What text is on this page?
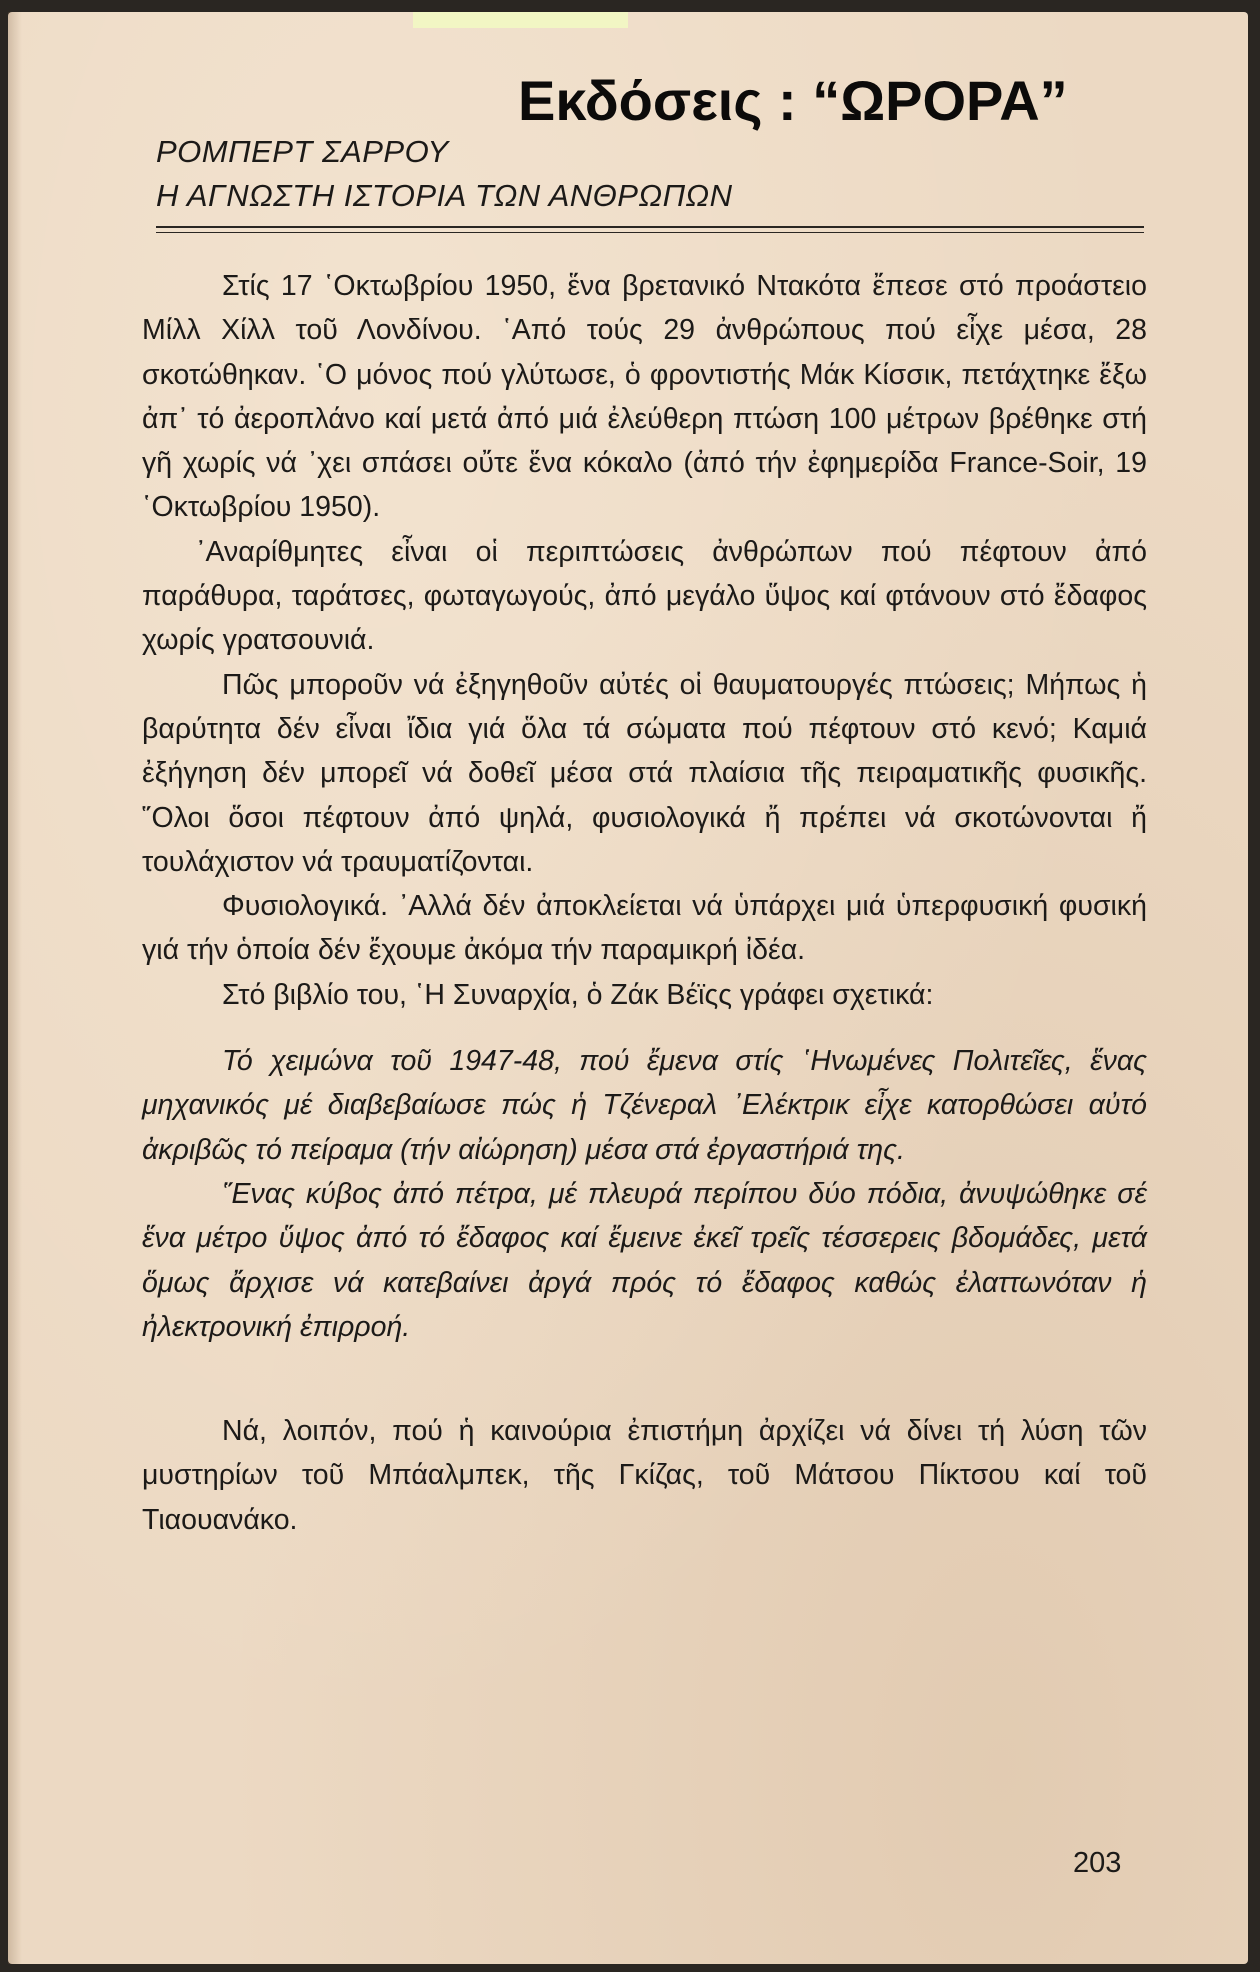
Εκδόσεις : “ΩΡΟΡΑ”
ΡΟΜΠΕΡΤ ΣΑΡΡΟΥ
Η ΑΓΝΩΣΤΗ ΙΣΤΟΡΙΑ ΤΩΝ ΑΝΘΡΩΠΩΝ

Στίς 17 ῾Οκτωβρίου 1950, ἕνα βρετανικό Ντακότα ἔπεσε στό προάστειο Μίλλ Χίλλ τοῦ Λονδίνου. ῾Από τούς 29 ἀνθρώπους πού εἶχε μέσα, 28 σκοτώθηκαν. ῾Ο μόνος πού γλύτωσε, ὁ φροντιστής Μάκ Κίσσικ, πετάχτηκε ἔξω ἀπ᾿ τό ἀεροπλάνο καί μετά ἀπό μιά ἐλεύθερη πτώση 100 μέτρων βρέθηκε στή γῆ χωρίς νά ᾿χει σπάσει οὔτε ἕνα κόκαλο (ἀπό τήν ἐφημερίδα France-Soir, 19 ῾Οκτωβρίου 1950).

᾿Αναρίθμητες εἶναι οἱ περιπτώσεις ἀνθρώπων πού πέφτουν ἀπό παράθυρα, ταράτσες, φωταγωγούς, ἀπό μεγάλο ὕψος καί φτάνουν στό ἔδαφος χωρίς γρατσουνιά.

Πῶς μποροῦν νά ἐξηγηθοῦν αὐτές οἱ θαυματουργές πτώσεις; Μήπως ἡ βαρύτητα δέν εἶναι ἴδια γιά ὅλα τά σώματα πού πέφτουν στό κενό; Καμιά ἐξήγηση δέν μπορεῖ νά δοθεῖ μέσα στά πλαίσια τῆς πειραματικῆς φυσικῆς. ῞Ολοι ὅσοι πέφτουν ἀπό ψηλά, φυσιολογικά ἤ πρέπει νά σκοτώνονται ἤ τουλάχιστον νά τραυματίζονται.

Φυσιολογικά. ᾿Αλλά δέν ἀποκλείεται νά ὑπάρχει μιά ὑπερφυσική φυσική γιά τήν ὁποία δέν ἔχουμε ἀκόμα τήν παραμικρή ἰδέα.

Στό βιβλίο του, ῾Η Συναρχία, ὁ Ζάκ Βέϊςς γράφει σχετικά:

Τό χειμώνα τοῦ 1947-48, πού ἔμενα στίς ῾Ηνωμένες Πολιτεῖες, ἕνας μηχανικός μέ διαβεβαίωσε πώς ἡ Τζένεραλ ᾿Ελέκτρικ εἶχε κατορθώσει αὐτό ἀκριβῶς τό πείραμα (τήν αἰώρηση) μέσα στά ἐργαστήριά της.

῞Ενας κύβος ἀπό πέτρα, μέ πλευρά περίπου δύο πόδια, ἀνυψώθηκε σέ ἕνα μέτρο ὕψος ἀπό τό ἔδαφος καί ἔμεινε ἐκεῖ τρεῖς τέσσερεις βδομάδες, μετά ὅμως ἄρχισε νά κατεβαίνει ἀργά πρός τό ἔδαφος καθώς ἐλαττωνόταν ἡ ἠλεκτρονική ἐπιρροή.

Νά, λοιπόν, πού ἡ καινούρια ἐπιστήμη ἀρχίζει νά δίνει τή λύση τῶν μυστηρίων τοῦ Μπάαλμπεκ, τῆς Γκίζας, τοῦ Μάτσου Πίκτσου καί τοῦ Τιαουανάκο.

203
